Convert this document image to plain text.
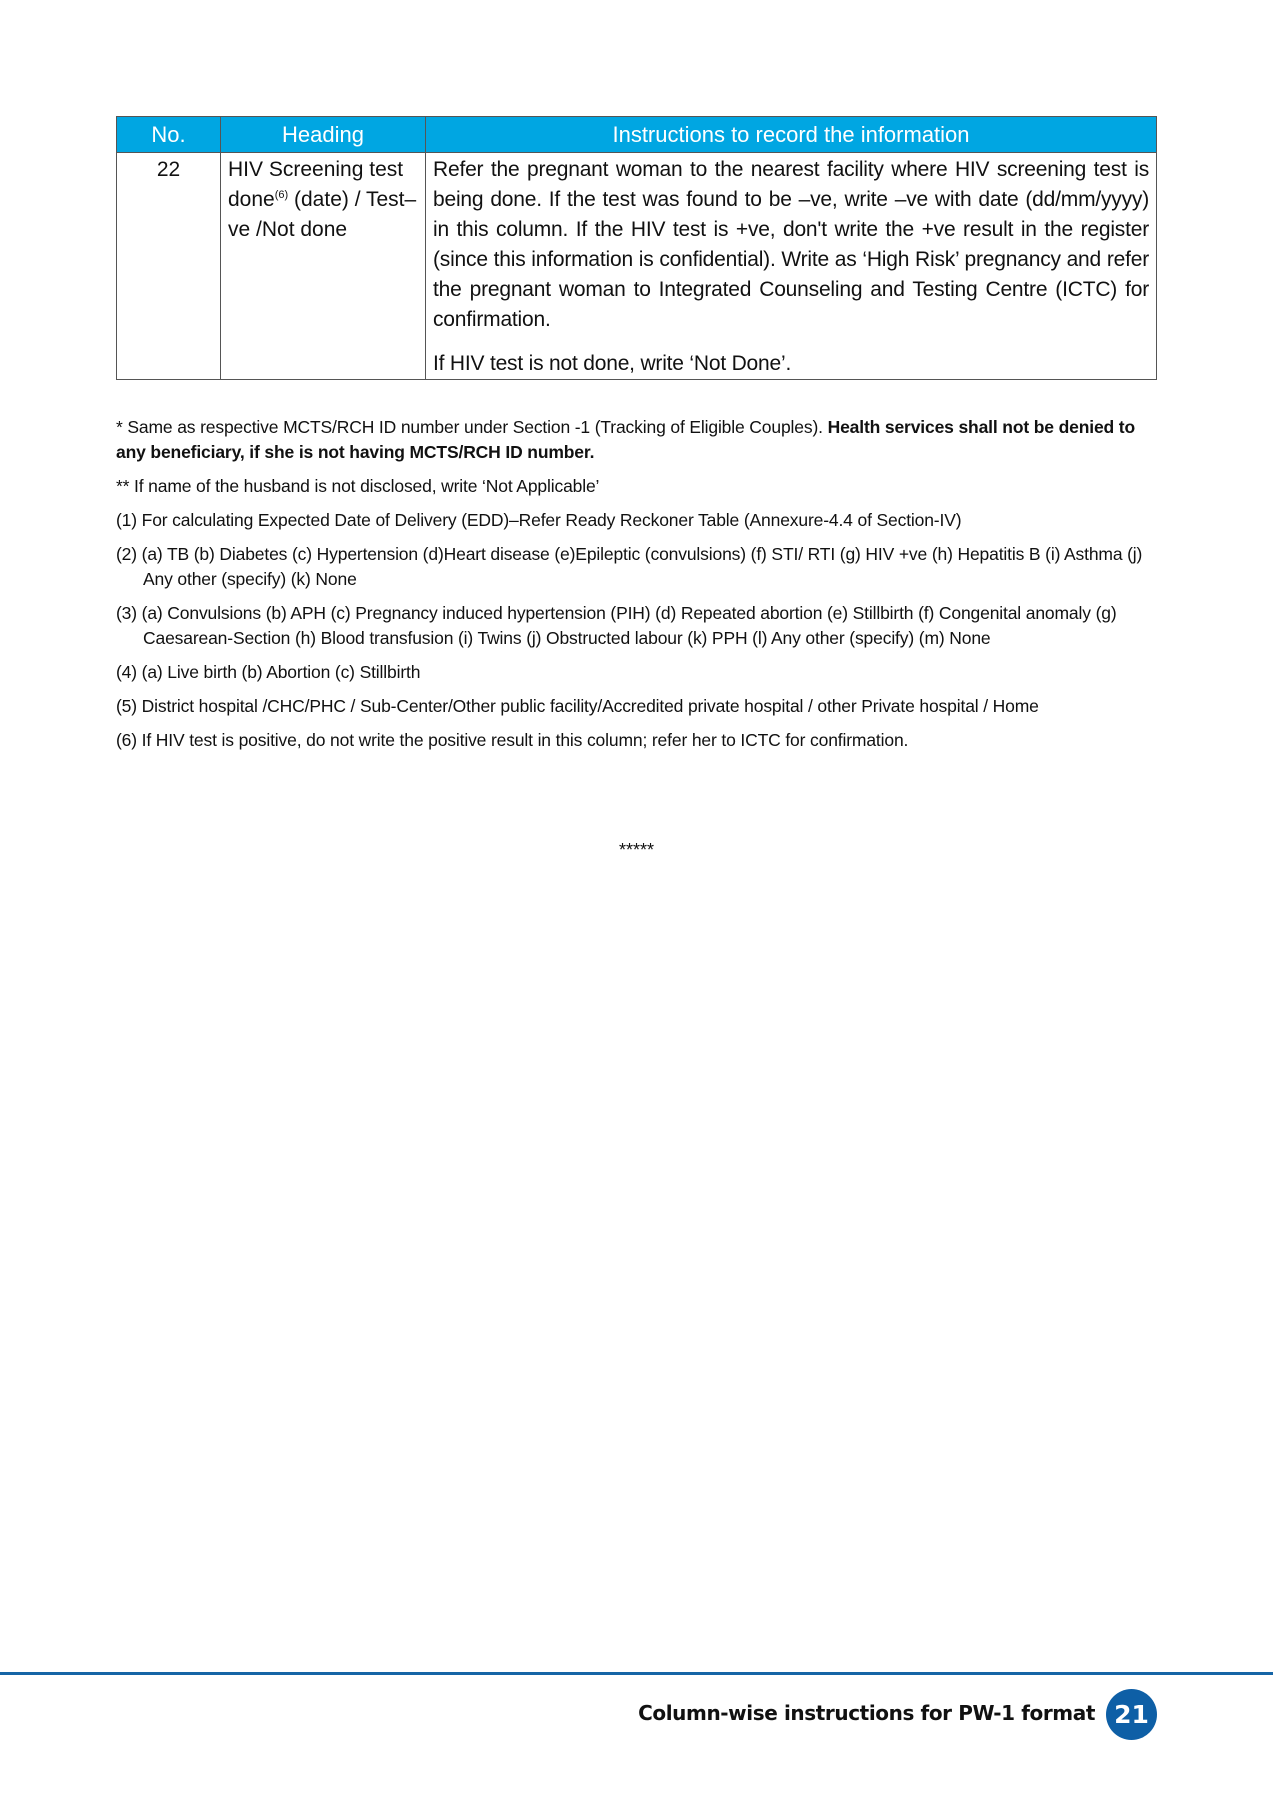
No.	Heading	Instructions to record the information
22	HIV Screening test done$^{(6)}$ (date) / Test–ve /Not done	Refer the pregnant woman to the nearest facility where HIV screening test is being done. If the test was found to be –ve, write –ve with date (dd/mm/yyyy) in this column. If the HIV test is +ve, don't write the +ve result in the register (since this information is confidential). Write as ‘High Risk’ pregnancy and refer the pregnant woman to Integrated Counseling and Testing Centre (ICTC) for confirmation.

If HIV test is not done, write ‘Not Done’.

* Same as respective MCTS/RCH ID number under Section -1 (Tracking of Eligible Couples). Health services shall not be denied to any beneficiary, if she is not having MCTS/RCH ID number.

** If name of the husband is not disclosed, write ‘Not Applicable’

(1) For calculating Expected Date of Delivery (EDD)–Refer Ready Reckoner Table (Annexure-4.4 of Section-IV)

(2) (a) TB (b) Diabetes (c) Hypertension (d)Heart disease (e)Epileptic (convulsions) (f) STI/ RTI (g) HIV +ve (h) Hepatitis B (i) Asthma (j) Any other (specify) (k) None

(3) (a) Convulsions (b) APH (c) Pregnancy induced hypertension (PIH) (d) Repeated abortion (e) Stillbirth (f) Congenital anomaly (g) Caesarean-Section (h) Blood transfusion (i) Twins (j) Obstructed labour (k) PPH (l) Any other (specify) (m) None

(4) (a) Live birth (b) Abortion (c) Stillbirth

(5) District hospital /CHC/PHC / Sub-Center/Other public facility/Accredited private hospital / other Private hospital / Home

(6) If HIV test is positive, do not write the positive result in this column; refer her to ICTC for confirmation.

*****
Column-wise instructions for PW-1 format 21
